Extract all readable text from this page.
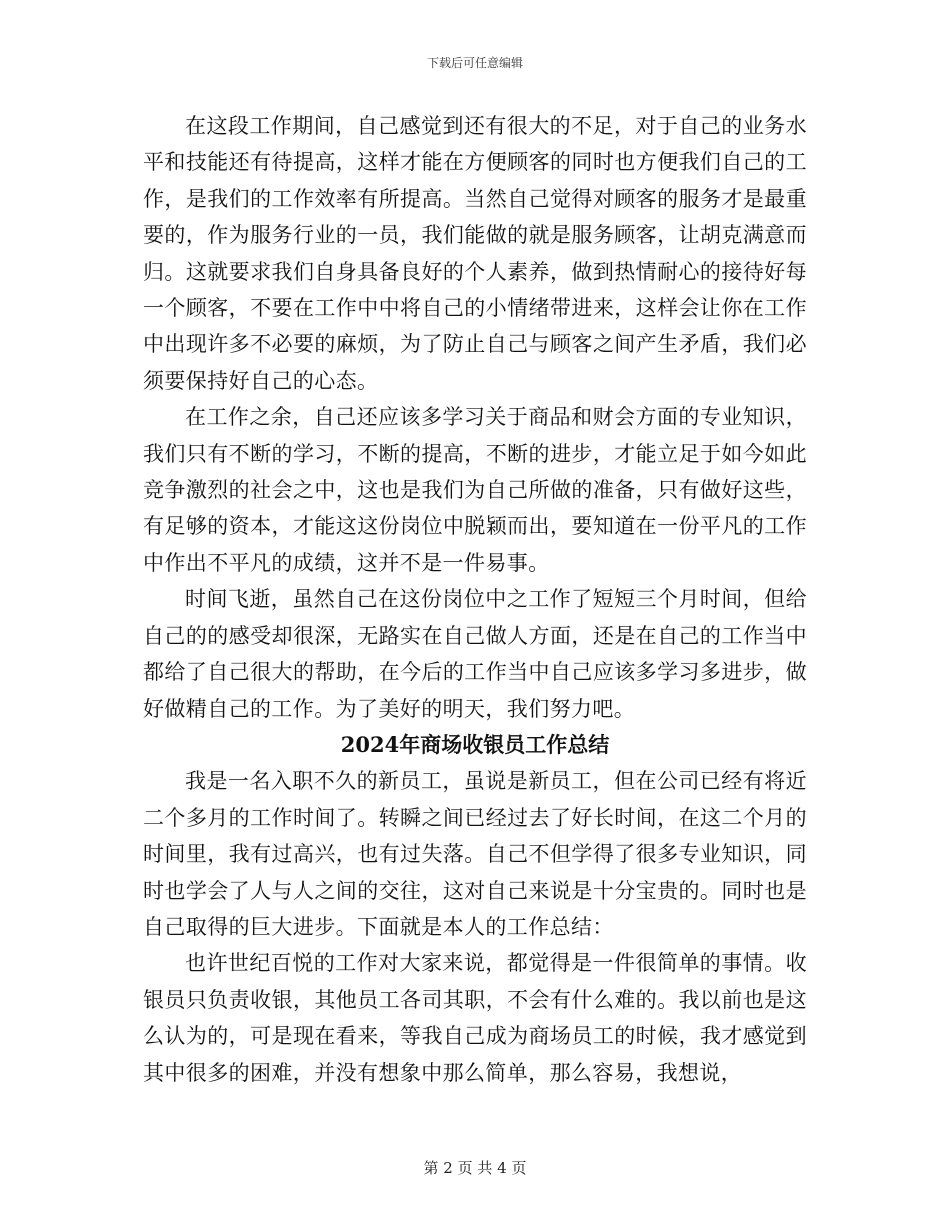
下载后可任意编辑

在这段工作期间，自己感觉到还有很大的不足，对于自己的业务水平和技能还有待提高，这样才能在方便顾客的同时也方便我们自己的工作，是我们的工作效率有所提高。当然自己觉得对顾客的服务才是最重要的，作为服务行业的一员，我们能做的就是服务顾客，让胡克满意而归。这就要求我们自身具备良好的个人素养，做到热情耐心的接待好每一个顾客，不要在工作中中将自己的小情绪带进来，这样会让你在工作中出现许多不必要的麻烦，为了防止自己与顾客之间产生矛盾，我们必须要保持好自己的心态。

在工作之余，自己还应该多学习关于商品和财会方面的专业知识，我们只有不断的学习，不断的提高，不断的进步，才能立足于如今如此竞争激烈的社会之中，这也是我们为自己所做的准备，只有做好这些，有足够的资本，才能这这份岗位中脱颖而出，要知道在一份平凡的工作中作出不平凡的成绩，这并不是一件易事。

时间飞逝，虽然自己在这份岗位中之工作了短短三个月时间，但给自己的的感受却很深，无路实在自己做人方面，还是在自己的工作当中都给了自己很大的帮助，在今后的工作当中自己应该多学习多进步，做好做精自己的工作。为了美好的明天，我们努力吧。

2024年商场收银员工作总结

我是一名入职不久的新员工，虽说是新员工，但在公司已经有将近二个多月的工作时间了。转瞬之间已经过去了好长时间，在这二个月的时间里，我有过高兴，也有过失落。自己不但学得了很多专业知识，同时也学会了人与人之间的交往，这对自己来说是十分宝贵的。同时也是自己取得的巨大进步。下面就是本人的工作总结：

也许世纪百悦的工作对大家来说，都觉得是一件很简单的事情。收银员只负责收银，其他员工各司其职，不会有什么难的。我以前也是这么认为的，可是现在看来，等我自己成为商场员工的时候，我才感觉到其中很多的困难，并没有想象中那么简单，那么容易，我想说，

第 2 页 共 4 页
